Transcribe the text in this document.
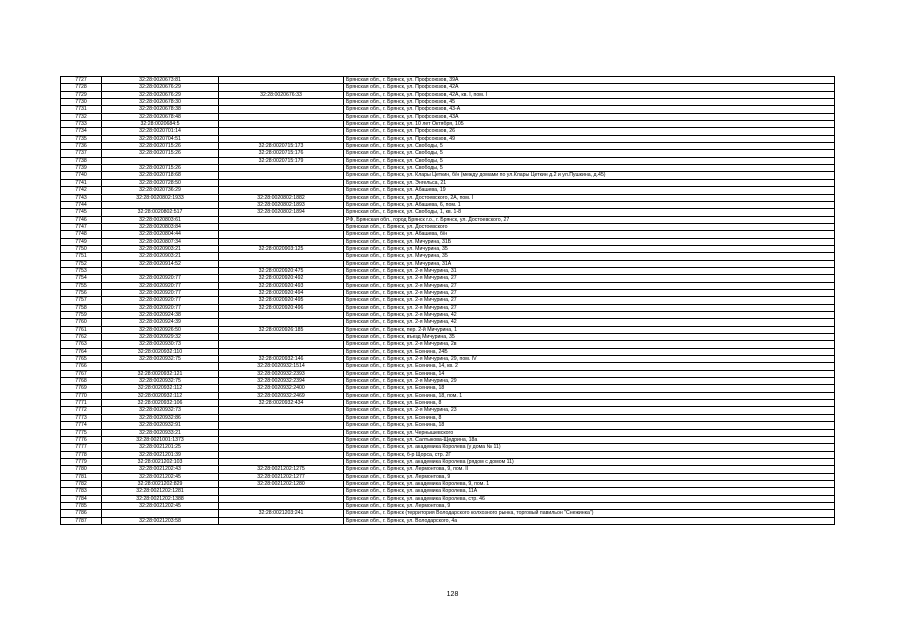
7727	32:28:0020673:81		Брянская обл., г. Брянск, ул. Профсоюзов, 39А
7728	32:28:0020676:29		Брянская обл., г. Брянск, ул. Профсоюзов, 42А
7729	32:28:0020676:29	32:28:0020676:33	Брянская обл., г. Брянск, ул. Профсоюзов, 42А, кв. I, пом. I
7730	32:28:0020678:30		Брянская обл., г. Брянск, ул. Профсоюзов, 45
7731	32:28:0020678:38		Брянская обл., г. Брянск, ул. Профсоюзов, 43-А
7732	32:28:0020678:48		Брянская обл., г. Брянск, ул. Профсоюзов, 43А
7733	32:28:0020684:5		Брянская обл., г. Брянск, ул. 10 лет Октября, 105
7734	32:28:0020701:14		Брянская обл., г. Брянск, ул. Профсоюзов, 26
7735	32:28:0020704:51		Брянская обл., г. Брянск, ул. Профсоюзов, 49
7736	32:28:0020715:26	32:28:0020715:173	Брянская обл., г. Брянск, ул. Свободы, 5
7737	32:28:0020715:26	32:28:0020715:176	Брянская обл., г. Брянск, ул. Свободы, 5
7738		32:28:0020715:179	Брянская обл., г. Брянск, ул. Свободы, 5
7739	32:28:0020715:26		Брянская обл., г. Брянск, ул. Свободы, 5
7740	32:28:0020718:68		Брянская обл., г. Брянск, ул. Клары Цеткин, б/н (между домами по ул.Клары Цеткин д.2 и ул.Пушкина, д.45)
7741	32:28:0020728:50		Брянская обл., г. Брянск, ул. Энгельса, 21
7742	32:28:0020736:29		Брянская обл., г. Брянск, ул. Абашева, 19
7743	32:28:0020802:1933	32:28:0020802:1882	Брянская обл., г. Брянск, ул. Достоевского, 2А, пом. I
7744		32:28:0020802:1893	Брянская обл., г. Брянск, ул. Абашева, 6, пом. 1
7745	32:28:0020802:517	32:28:0020802:1894	Брянская обл., г. Брянск, ул. Свободы, 1, кв. 1-8
7746	32:28:0020803:61		РФ, Брянская обл., город Брянск г.о., г. Брянск, ул. Достоевского, 27
7747	32:28:0020803:84		Брянская обл., г. Брянск, ул. Достоевского
7748	32:28:0020804:44		Брянская обл., г. Брянск, ул. Абашева, б/н
7749	32:28:0020807:34		Брянская обл., г. Брянск, ул. Мичурина, 31Б
7750	32:28:0020903:21	32:28:0020903:125	Брянская обл., г. Брянск, ул. Мичурина, 35
7751	32:28:0020903:21		Брянская обл., г. Брянск, ул. Мичурина, 35
7752	32:28:0020914:52		Брянская обл., г. Брянск, ул. Мичурина, 31А
7753		32:28:0020920:475	Брянская обл., г. Брянск, ул. 2-я Мичурина, 31
7754	32:28:0020920:77	32:28:0020920:492	Брянская обл., г. Брянск, ул. 2-я Мичурина, 27
7755	32:28:0020920:77	32:28:0020920:493	Брянская обл., г. Брянск, ул. 2-я Мичурина, 27
7756	32:28:0020920:77	32:28:0020920:494	Брянская обл., г. Брянск, ул. 2-я Мичурина, 27
7757	32:28:0020920:77	32:28:0020920:495	Брянская обл., г. Брянск, ул. 2-я Мичурина, 27
7758	32:28:0020920:77	32:28:0020920:496	Брянская обл., г. Брянск, ул. 2-я Мичурина, 27
7759	32:28:0020924:38		Брянская обл., г. Брянск, ул. 2-я Мичурина, 42
7760	32:28:0020924:39		Брянская обл., г. Брянск, ул. 2-я Мичурина, 42
7761	32:28:0020926:50	32:28:0020926:185	Брянская обл., г. Брянск, пер. 2-й Мичурина, 1
7762	32:28:0020929:32		Брянская обл., г. Брянск, въезд Мичурина, 35
7763	32:28:0020930:73		Брянская обл., г. Брянск, ул. 2-я Мичурина, 2в
7764	32:28:0020932:110		Брянская обл., г. Брянск, ул. Есенина, 24Б
7765	32:28:0020932:75	32:28:0020932:146	Брянская обл., г. Брянск, ул. 2-я Мичурина, 29, пом. IV
7766		32:28:0020932:1514	Брянская обл., г. Брянск, ул. Есенина, 14, кв. 2
7767	32:28:0020932:121	32:28:0020932:2393	Брянская обл., г. Брянск, ул. Есенина, 14
7768	32:28:0020932:75	32:28:0020932:2394	Брянская обл., г. Брянск, ул. 2-я Мичурина, 29
7769	32:28:0020932:112	32:28:0020932:2400	Брянская обл., г. Брянск, ул. Есенина, 18
7770	32:28:0020932:112	32:28:0020932:2469	Брянская обл., г. Брянск, ул. Есенина, 18, пом. 1
7771	32:28:0020932:106	32:28:0020932:434	Брянская обл., г. Брянск, ул. Есенина, 8
7772	32:28:0020932:73		Брянская обл., г. Брянск, ул. 2-я Мичурина, 23
7773	32:28:0020932:86		Брянская обл., г. Брянск, ул. Есенина, 8
7774	32:28:0020932:91		Брянская обл., г. Брянск, ул. Есенина, 18
7775	32:28:0020933:21		Брянская обл., г. Брянск, ул. Чернышевского
7776	32:28:0021001:1373		Брянская обл., г. Брянск, ул. Салтыкова-Щедрина, 18а
7777	32:28:0021201:25		Брянская обл., г. Брянск, ул. академика Королева (у дома № 11)
7778	32:28:0021201:39		Брянская обл., г. Брянск, б-р Щорса, стр. 2Г
7779	32:28:0021202:103		Брянская обл., г. Брянск, ул. академика Королева (рядом с домом 11)
7780	32:28:0021202:43	32:28:0021202:1275	Брянская обл., г. Брянск, ул. Лермонтова, 9, пом. II
7781	32:28:0021202:45	32:28:0021202:1277	Брянская обл., г. Брянск, ул. Лермонтова, 9
7782	32:28:0021202:829	32:28:0021202:1280	Брянская обл., г. Брянск, ул. академика Королева, 9, пом. 1
7783	32:28:0021202:1281		Брянская обл., г. Брянск, ул. академика Королева, 11А
7784	32:28:0021202:1388		Брянская обл., г. Брянск, ул. академика Королева, стр. 46
7785	32:28:0021202:45		Брянская обл., г. Брянск, ул. Лермонтова, 9
7786		32:28:0021203:241	Брянская обл., г. Брянск (территория Володарского колхозного рынка, торговый павильон "Снежинка")
7787	32:28:0021203:58		Брянская обл., г. Брянск, ул. Володарского, 4а
128
